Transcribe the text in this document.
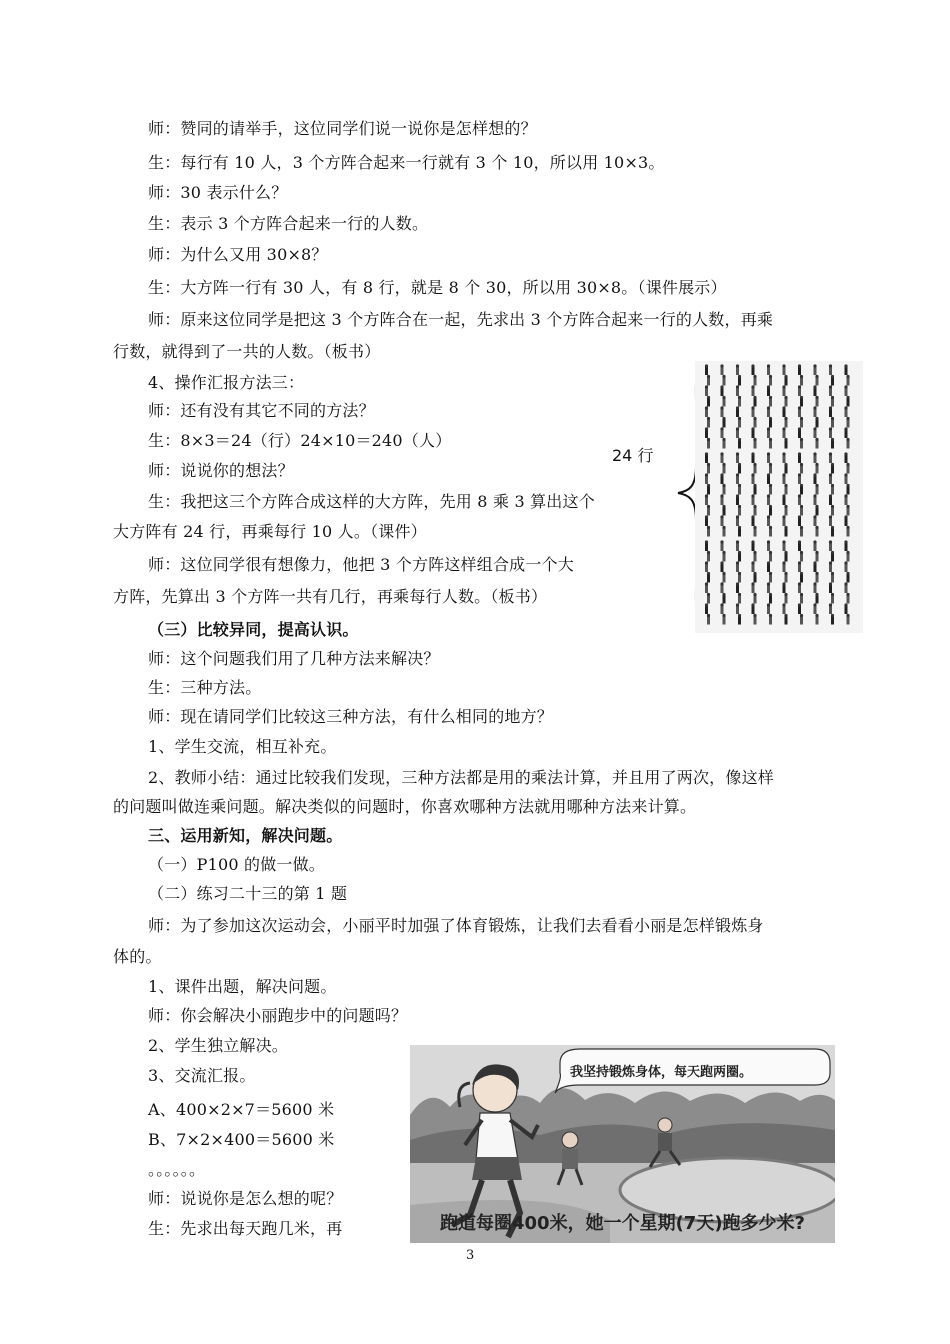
师：赞同的请举手，这位同学们说一说你是怎样想的？
生：每行有 10 人，3 个方阵合起来一行就有 3 个 10，所以用 10×3。
师：30 表示什么？
生：表示 3 个方阵合起来一行的人数。
师：为什么又用 30×8？
生：大方阵一行有 30 人，有 8 行，就是 8 个 30，所以用 30×8。（课件展示）
师：原来这位同学是把这 3 个方阵合在一起，先求出 3 个方阵合起来一行的人数，再乘
行数，就得到了一共的人数。（板书）
4、操作汇报方法三：
师：还有没有其它不同的方法？
生：8×3＝24（行）24×10＝240（人）
师：说说你的想法？
生：我把这三个方阵合成这样的大方阵，先用 8 乘 3 算出这个
大方阵有 24 行，再乘每行 10 人。（课件）
师：这位同学很有想像力，他把 3 个方阵这样组合成一个大
方阵，先算出 3 个方阵一共有几行，再乘每行人数。（板书）
（三）比较异同，提高认识。
师：这个问题我们用了几种方法来解决？
生：三种方法。
师：现在请同学们比较这三种方法，有什么相同的地方？
1、学生交流，相互补充。
2、教师小结：通过比较我们发现，三种方法都是用的乘法计算，并且用了两次，像这样
的问题叫做连乘问题。解决类似的问题时，你喜欢哪种方法就用哪种方法来计算。
三、运用新知，解决问题。
（一）P100 的做一做。
（二）练习二十三的第 1 题
师：为了参加这次运动会，小丽平时加强了体育锻炼，让我们去看看小丽是怎样锻炼身
体的。
1、课件出题，解决问题。
师：你会解决小丽跑步中的问题吗？
2、学生独立解决。
3、交流汇报。
A、400×2×7＝5600 米
B、7×2×400＝5600 米
。。。。。。
师：说说你是怎么想的呢？
生：先求出每天跑几米，再
24 行
我坚持锻炼身体，每天跑两圈。
跑道每圈400米，她一个星期(7天)跑多少米?
3
